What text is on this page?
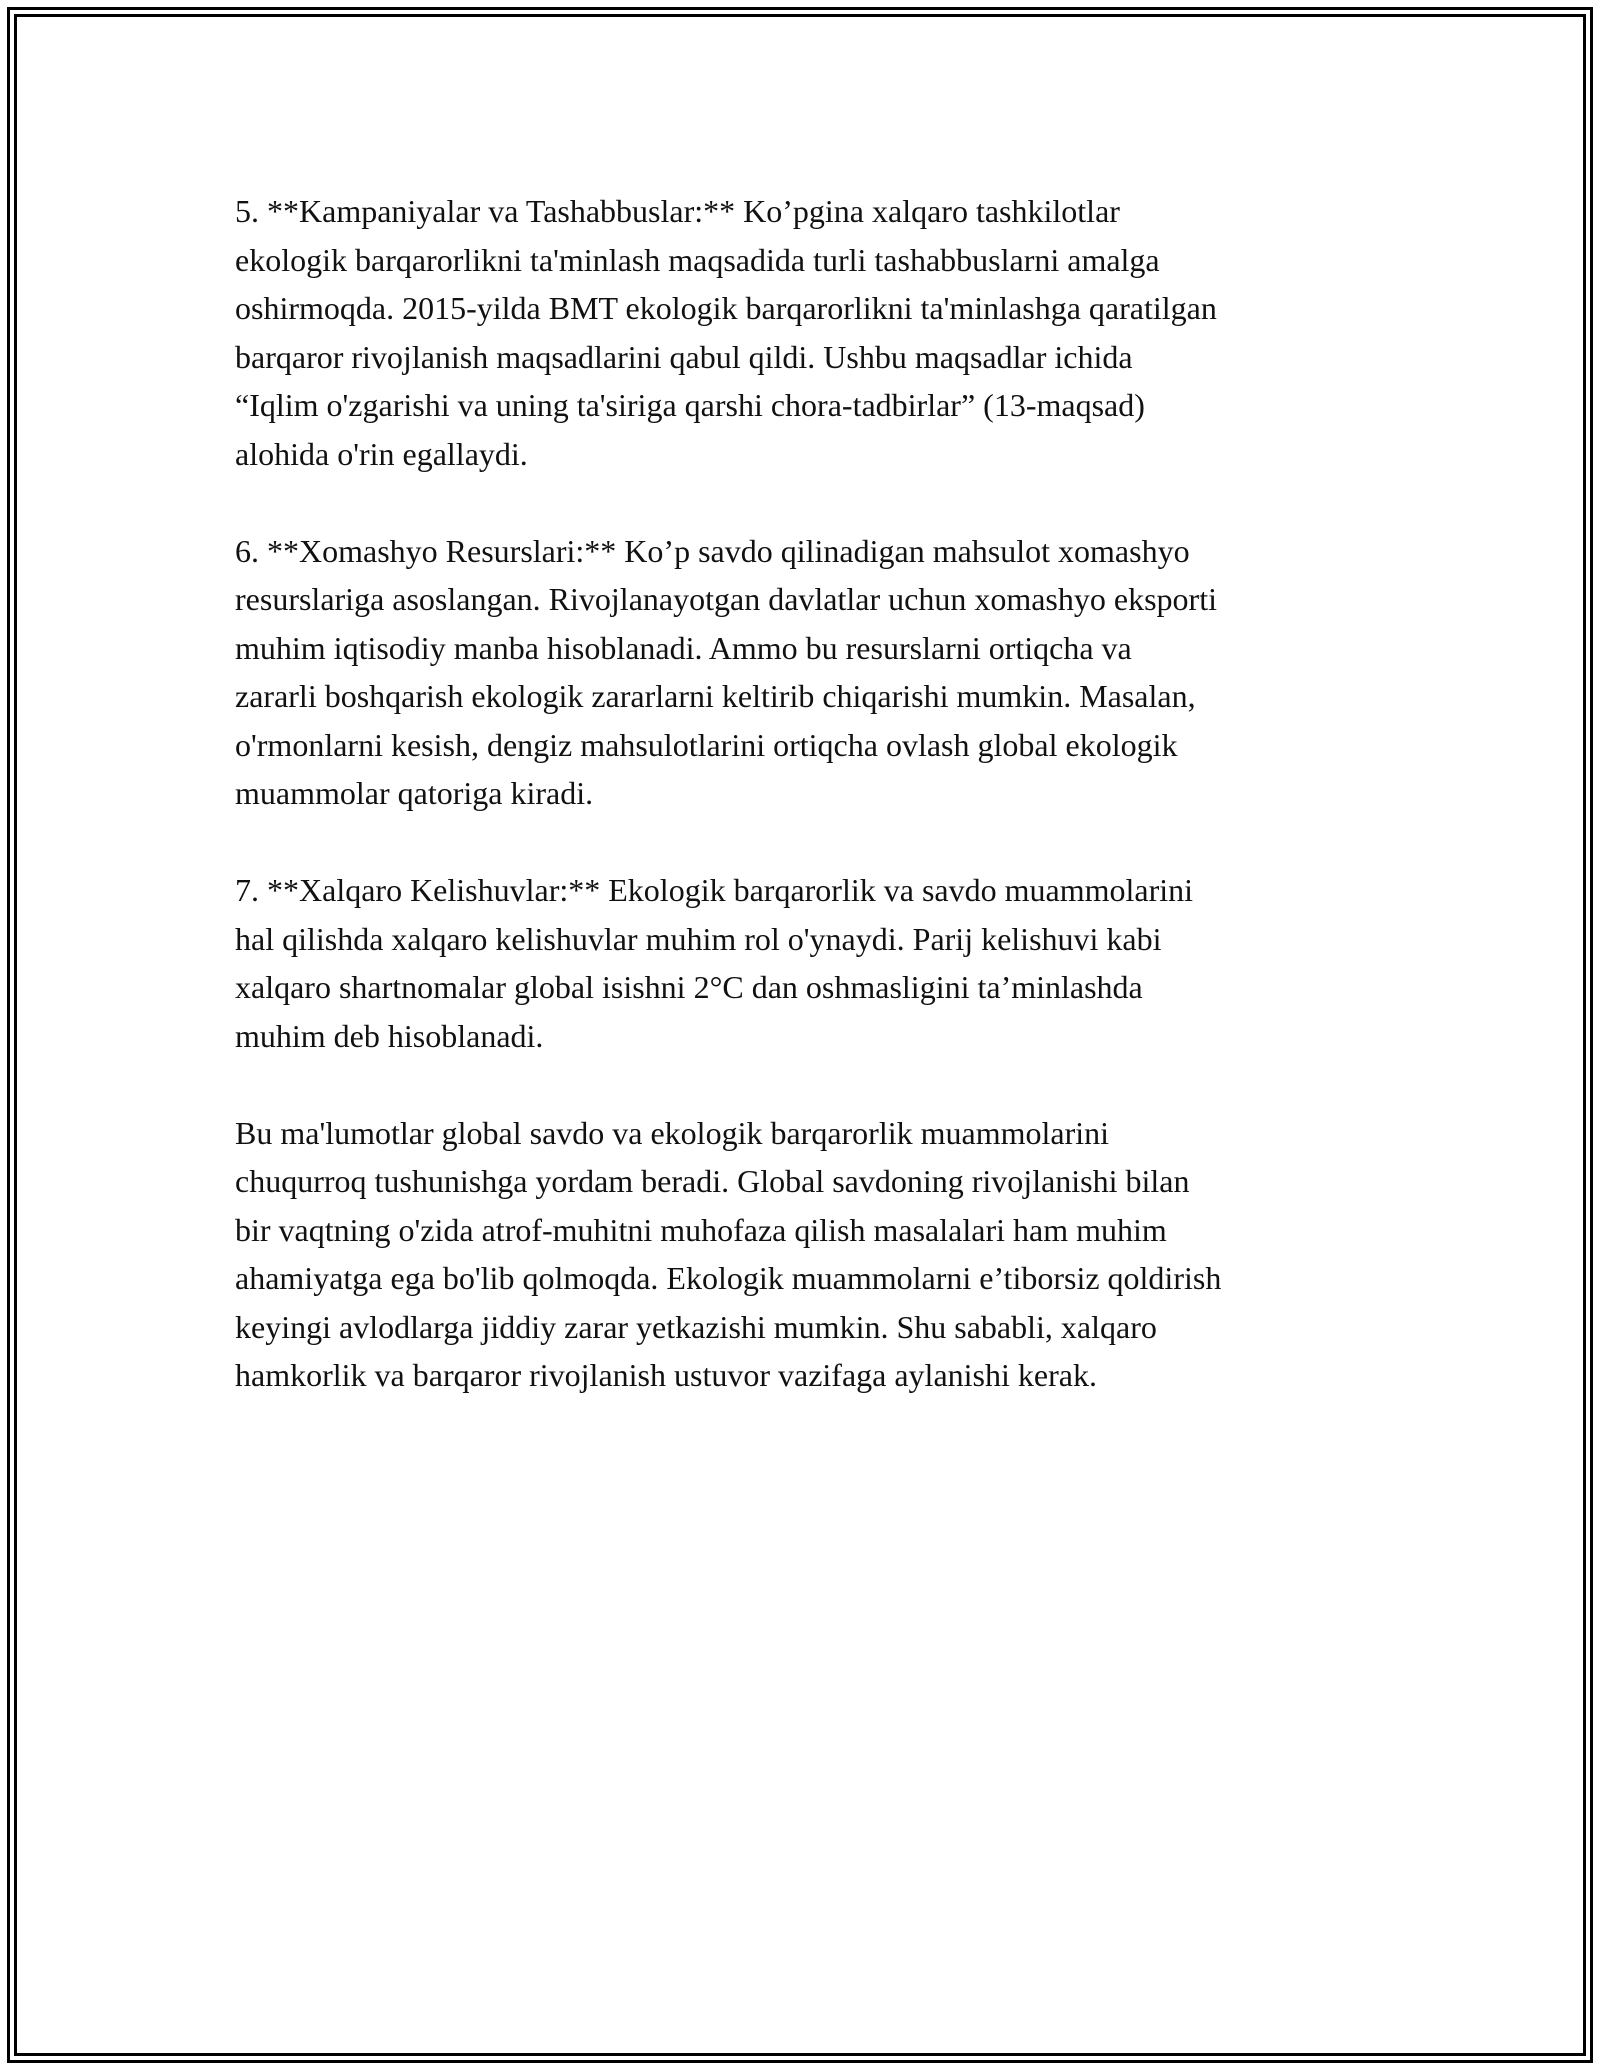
5. **Kampaniyalar va Tashabbuslar:** Ko’pgina xalqaro tashkilotlar
ekologik barqarorlikni ta'minlash maqsadida turli tashabbuslarni amalga
oshirmoqda. 2015-yilda BMT ekologik barqarorlikni ta'minlashga qaratilgan
barqaror rivojlanish maqsadlarini qabul qildi. Ushbu maqsadlar ichida
“Iqlim o'zgarishi va uning ta'siriga qarshi chora-tadbirlar” (13-maqsad)
alohida o'rin egallaydi.

6. **Xomashyo Resurslari:** Ko’p savdo qilinadigan mahsulot xomashyo
resurslariga asoslangan. Rivojlanayotgan davlatlar uchun xomashyo eksporti
muhim iqtisodiy manba hisoblanadi. Ammo bu resurslarni ortiqcha va
zararli boshqarish ekologik zararlarni keltirib chiqarishi mumkin. Masalan,
o'rmonlarni kesish, dengiz mahsulotlarini ortiqcha ovlash global ekologik
muammolar qatoriga kiradi.

7. **Xalqaro Kelishuvlar:** Ekologik barqarorlik va savdo muammolarini
hal qilishda xalqaro kelishuvlar muhim rol o'ynaydi. Parij kelishuvi kabi
xalqaro shartnomalar global isishni 2°C dan oshmasligini ta’minlashda
muhim deb hisoblanadi.

Bu ma'lumotlar global savdo va ekologik barqarorlik muammolarini
chuqurroq tushunishga yordam beradi. Global savdoning rivojlanishi bilan
bir vaqtning o'zida atrof-muhitni muhofaza qilish masalalari ham muhim
ahamiyatga ega bo'lib qolmoqda. Ekologik muammolarni e’tiborsiz qoldirish
keyingi avlodlarga jiddiy zarar yetkazishi mumkin. Shu sababli, xalqaro
hamkorlik va barqaror rivojlanish ustuvor vazifaga aylanishi kerak.
